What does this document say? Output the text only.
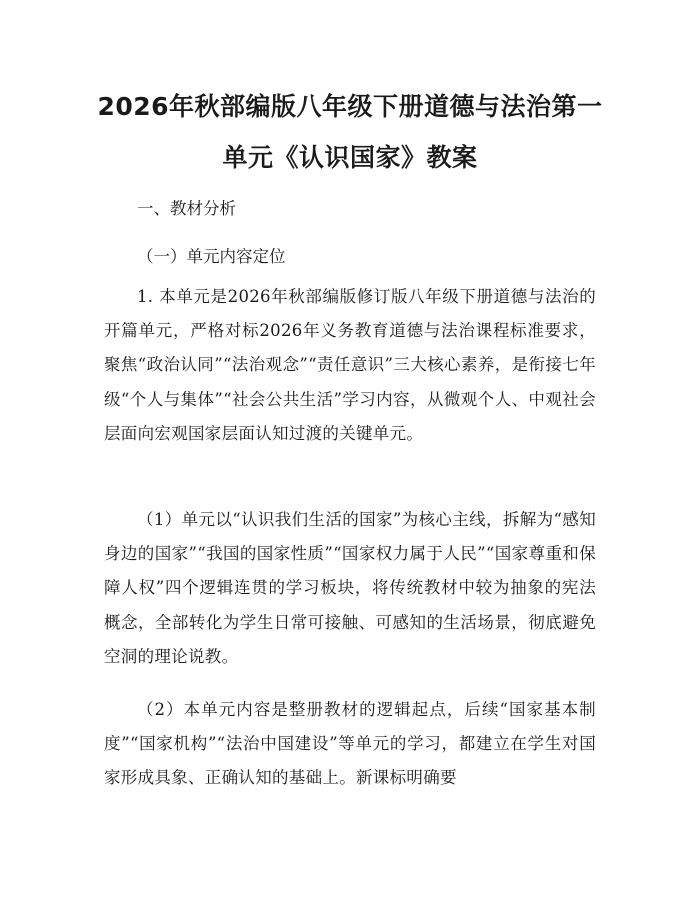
2026年秋部编版八年级下册道德与法治第一
单元《认识国家》教案
一、教材分析
（一）单元内容定位
1. 本单元是2026年秋部编版修订版八年级下册道德与法治的开篇单元，严格对标2026年义务教育道德与法治课程标准要求，聚焦“政治认同”“法治观念”“责任意识”三大核心素养，是衔接七年级“个人与集体”“社会公共生活”学习内容，从微观个人、中观社会层面向宏观国家层面认知过渡的关键单元。
（1）单元以“认识我们生活的国家”为核心主线，拆解为“感知身边的国家”“我国的国家性质”“国家权力属于人民”“国家尊重和保障人权”四个逻辑连贯的学习板块，将传统教材中较为抽象的宪法概念，全部转化为学生日常可接触、可感知的生活场景，彻底避免空洞的理论说教。
（2）本单元内容是整册教材的逻辑起点，后续“国家基本制度”“国家机构”“法治中国建设”等单元的学习，都建立在学生对国家形成具象、正确认知的基础上。新课标明确要
